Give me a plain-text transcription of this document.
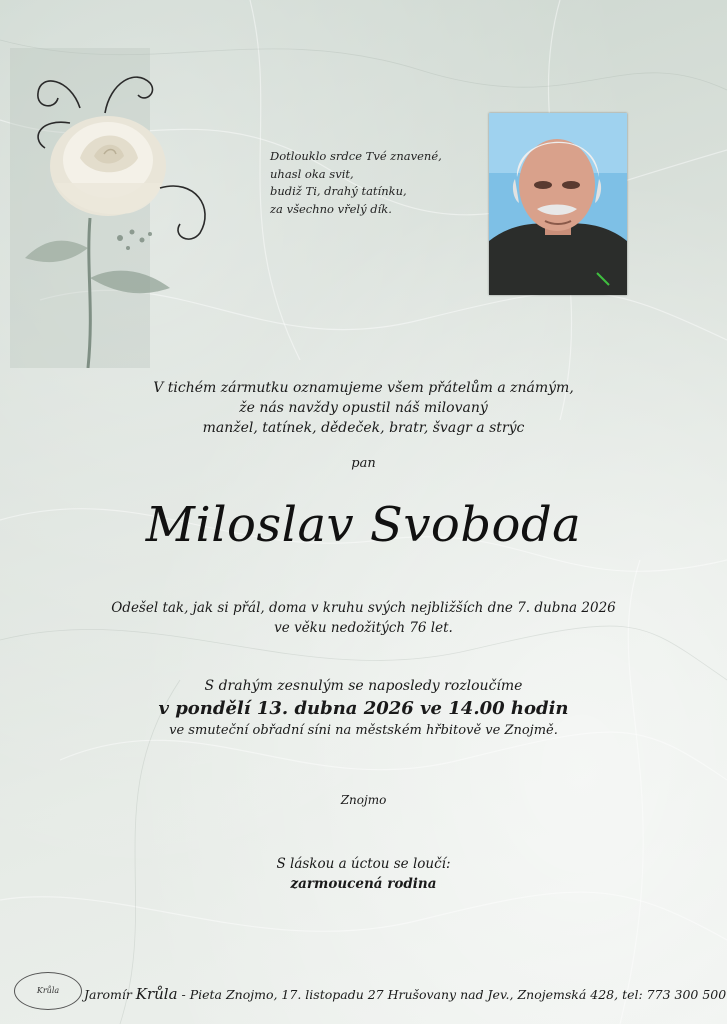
Dotlouklo srdce Tvé znavené,
uhasl oka svit,
budiž Ti, drahý tatínku,
za všechno vřelý dík.
V tichém zármutku oznamujeme všem přátelům a známým,
že nás navždy opustil náš milovaný
manžel, tatínek, dědeček, bratr, švagr a strýc
pan
Miloslav Svoboda
Odešel tak, jak si přál, doma v kruhu svých nejbližších dne 7. dubna 2026
ve věku nedožitých 76 let.
S drahým zesnulým se naposledy rozloučíme
v pondělí 13. dubna 2026 ve 14.00 hodin
ve smuteční obřadní síni na městském hřbitově ve Znojmě.
Znojmo
S láskou a úctou se loučí:
zarmoucená rodina
Krůla	Jaromír Krůla - Pieta Znojmo, 17. listopadu 27 Hrušovany nad Jev., Znojemská 428, tel: 773 300 500
